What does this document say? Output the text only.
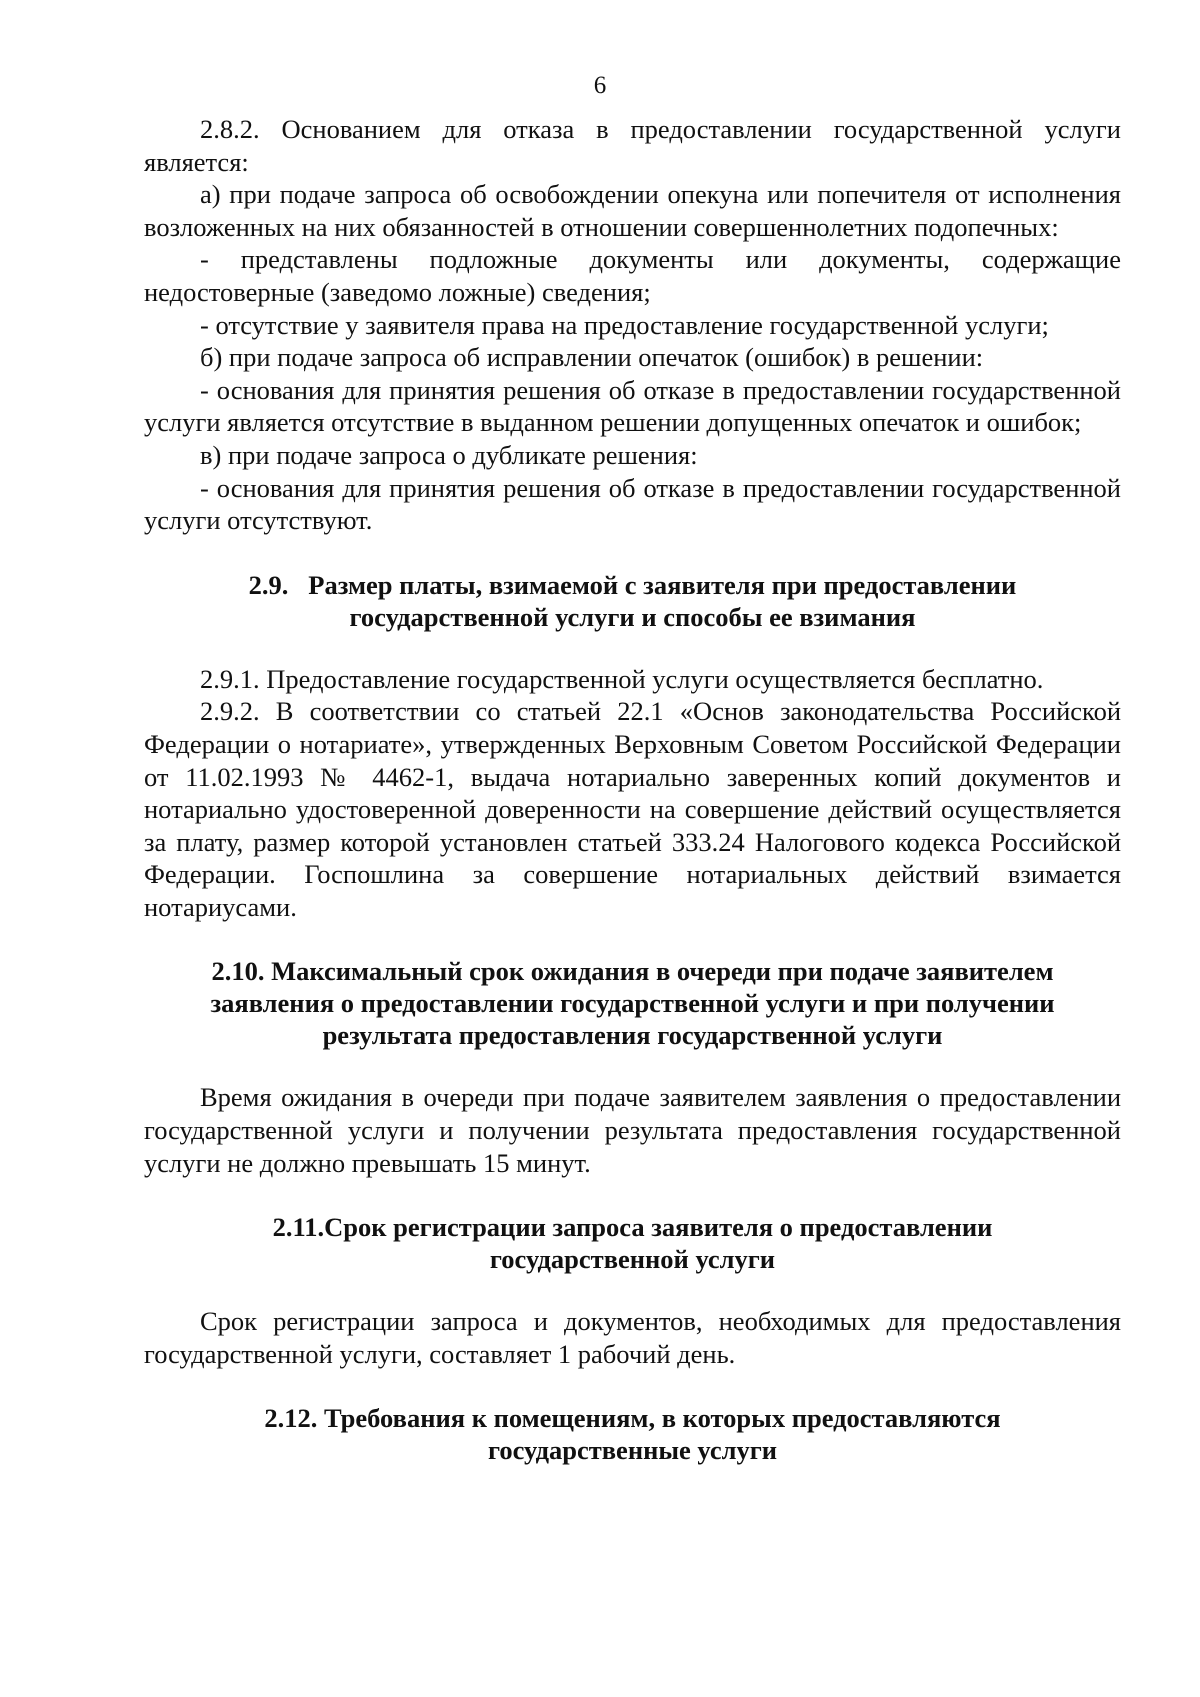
6

2.8.2. Основанием для отказа в предоставлении государственной услуги является:

а) при подаче запроса об освобождении опекуна или попечителя от исполнения возложенных на них обязанностей в отношении совершеннолетних подопечных:

- представлены подложные документы или документы, содержащие недостоверные (заведомо ложные) сведения;

- отсутствие у заявителя права на предоставление государственной услуги;

б) при подаче запроса об исправлении опечаток (ошибок) в решении:

- основания для принятия решения об отказе в предоставлении государственной услуги является отсутствие в выданном решении допущенных опечаток и ошибок;

в) при подаче запроса о дубликате решения:

- основания для принятия решения об отказе в предоставлении государственной услуги отсутствуют.

2.9.   Размер платы, взимаемой с заявителя при предоставлении
государственной услуги и способы ее взимания

2.9.1. Предоставление государственной услуги осуществляется бесплатно.

2.9.2. В соответствии со статьей 22.1 «Основ законодательства Российской Федерации о нотариате», утвержденных Верховным Советом Российской Федерации от 11.02.1993 № 4462-1, выдача нотариально заверенных копий документов и нотариально удостоверенной доверенности на совершение действий осуществляется за плату, размер которой установлен статьей 333.24 Налогового кодекса Российской Федерации. Госпошлина за совершение нотариальных действий взимается нотариусами.

2.10. Максимальный срок ожидания в очереди при подаче заявителем
заявления о предоставлении государственной услуги и при получении
результата предоставления государственной услуги

Время ожидания в очереди при подаче заявителем заявления о предоставлении государственной услуги и получении результата предоставления государственной услуги не должно превышать 15 минут.

2.11.Срок регистрации запроса заявителя о предоставлении
государственной услуги

Срок регистрации запроса и документов, необходимых для предоставления государственной услуги, составляет 1 рабочий день.

2.12. Требования к помещениям, в которых предоставляются
государственные услуги
